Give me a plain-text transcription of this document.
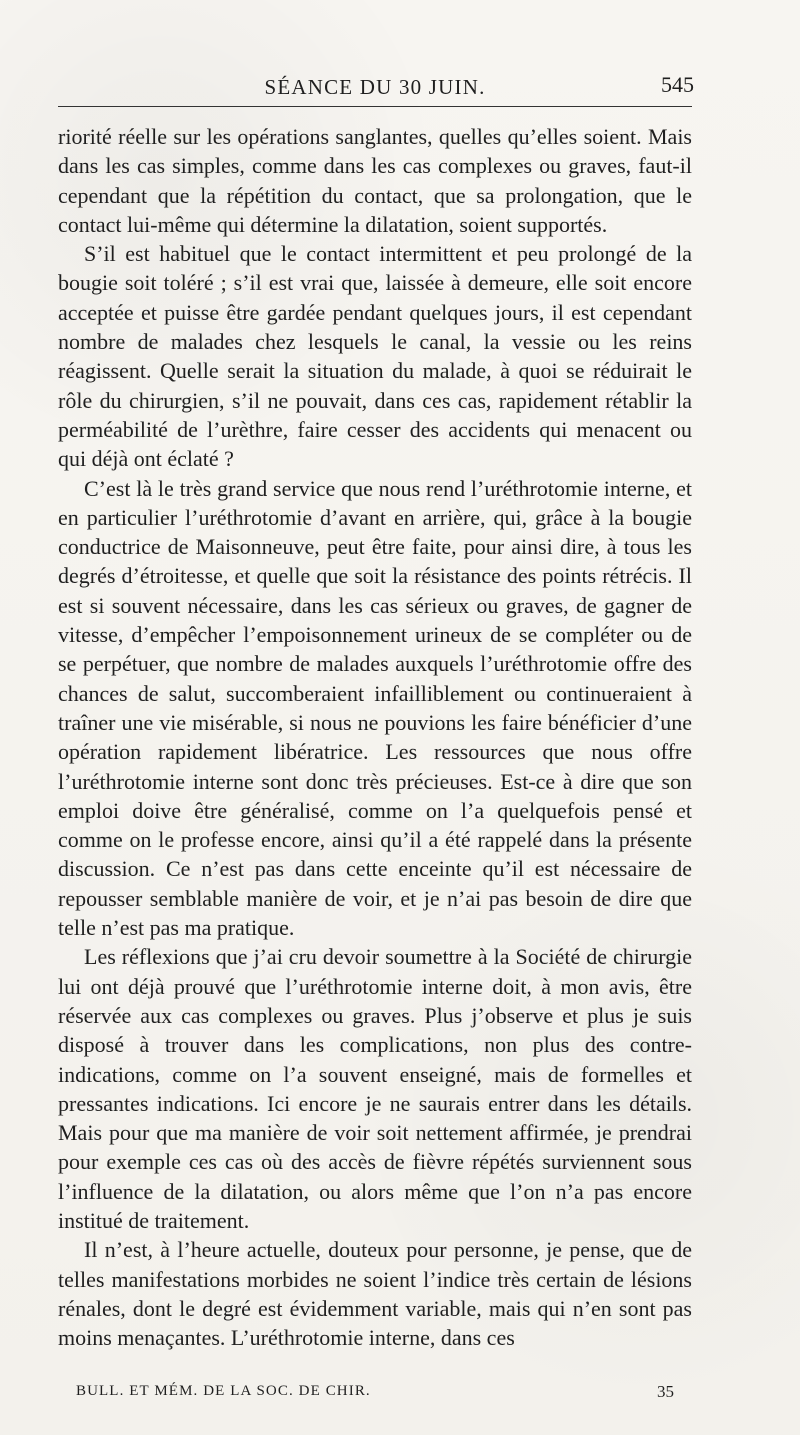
SÉANCE DU 30 JUIN.	545

riorité réelle sur les opérations sanglantes, quelles qu’elles soient. Mais dans les cas simples, comme dans les cas complexes ou graves, faut-il cependant que la répétition du contact, que sa prolongation, que le contact lui-même qui détermine la dilatation, soient supportés.

S’il est habituel que le contact intermittent et peu prolongé de la bougie soit toléré ; s’il est vrai que, laissée à demeure, elle soit encore acceptée et puisse être gardée pendant quelques jours, il est cependant nombre de malades chez lesquels le canal, la vessie ou les reins réagissent. Quelle serait la situation du malade, à quoi se réduirait le rôle du chirurgien, s’il ne pouvait, dans ces cas, rapidement rétablir la perméabilité de l’urèthre, faire cesser des accidents qui menacent ou qui déjà ont éclaté ?

C’est là le très grand service que nous rend l’uréthrotomie interne, et en particulier l’uréthrotomie d’avant en arrière, qui, grâce à la bougie conductrice de Maisonneuve, peut être faite, pour ainsi dire, à tous les degrés d’étroitesse, et quelle que soit la résistance des points rétrécis. Il est si souvent nécessaire, dans les cas sérieux ou graves, de gagner de vitesse, d’empêcher l’empoisonnement urineux de se compléter ou de se perpétuer, que nombre de malades auxquels l’uréthrotomie offre des chances de salut, succomberaient infailliblement ou continueraient à traîner une vie misérable, si nous ne pouvions les faire bénéficier d’une opération rapidement libératrice. Les ressources que nous offre l’uréthrotomie interne sont donc très précieuses. Est-ce à dire que son emploi doive être généralisé, comme on l’a quelquefois pensé et comme on le professe encore, ainsi qu’il a été rappelé dans la présente discussion. Ce n’est pas dans cette enceinte qu’il est nécessaire de repousser semblable manière de voir, et je n’ai pas besoin de dire que telle n’est pas ma pratique.

Les réflexions que j’ai cru devoir soumettre à la Société de chirurgie lui ont déjà prouvé que l’uréthrotomie interne doit, à mon avis, être réservée aux cas complexes ou graves. Plus j’observe et plus je suis disposé à trouver dans les complications, non plus des contre-indications, comme on l’a souvent enseigné, mais de formelles et pressantes indications. Ici encore je ne saurais entrer dans les détails. Mais pour que ma manière de voir soit nettement affirmée, je prendrai pour exemple ces cas où des accès de fièvre répétés surviennent sous l’influence de la dilatation, ou alors même que l’on n’a pas encore institué de traitement.

Il n’est, à l’heure actuelle, douteux pour personne, je pense, que de telles manifestations morbides ne soient l’indice très certain de lésions rénales, dont le degré est évidemment variable, mais qui n’en sont pas moins menaçantes. L’uréthrotomie interne, dans ces

BULL. ET MÉM. DE LA SOC. DE CHIR.	35
